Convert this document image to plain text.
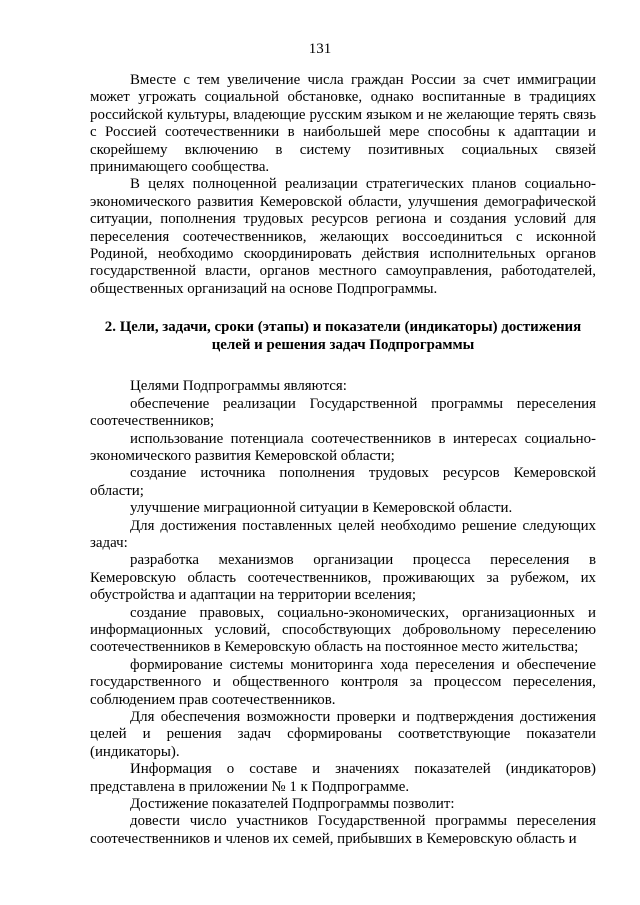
131

Вместе с тем увеличение числа граждан России за счет иммиграции может угрожать социальной обстановке, однако воспитанные в традициях российской культуры, владеющие русским языком и не желающие терять связь с Россией соотечественники в наибольшей мере способны к адаптации и скорейшему включению в систему позитивных социальных связей принимающего сообщества.

В целях полноценной реализации стратегических планов социально-экономического развития Кемеровской области, улучшения демографической ситуации, пополнения трудовых ресурсов региона и создания условий для переселения соотечественников, желающих воссоединиться с исконной Родиной, необходимо скоординировать действия исполнительных органов государственной власти, органов местного самоуправления, работодателей, общественных организаций на основе Подпрограммы.

2. Цели, задачи, сроки (этапы) и показатели (индикаторы) достижения
целей и решения задач Подпрограммы

Целями Подпрограммы являются:

обеспечение реализации Государственной программы переселения соотечественников;

использование потенциала соотечественников в интересах социально-экономического развития Кемеровской области;

создание источника пополнения трудовых ресурсов Кемеровской области;

улучшение миграционной ситуации в Кемеровской области.

Для достижения поставленных целей необходимо решение следующих задач:

разработка механизмов организации процесса переселения в Кемеровскую область соотечественников, проживающих за рубежом, их обустройства и адаптации на территории вселения;

создание правовых, социально-экономических, организационных и информационных условий, способствующих добровольному переселению соотечественников в Кемеровскую область на постоянное место жительства;

формирование системы мониторинга хода переселения и обеспечение государственного и общественного контроля за процессом переселения, соблюдением прав соотечественников.

Для обеспечения возможности проверки и подтверждения достижения целей и решения задач сформированы соответствующие показатели (индикаторы).

Информация о составе и значениях показателей (индикаторов) представлена в приложении № 1 к Подпрограмме.

Достижение показателей Подпрограммы позволит:

довести число участников Государственной программы переселения соотечественников и членов их семей, прибывших в Кемеровскую область и
